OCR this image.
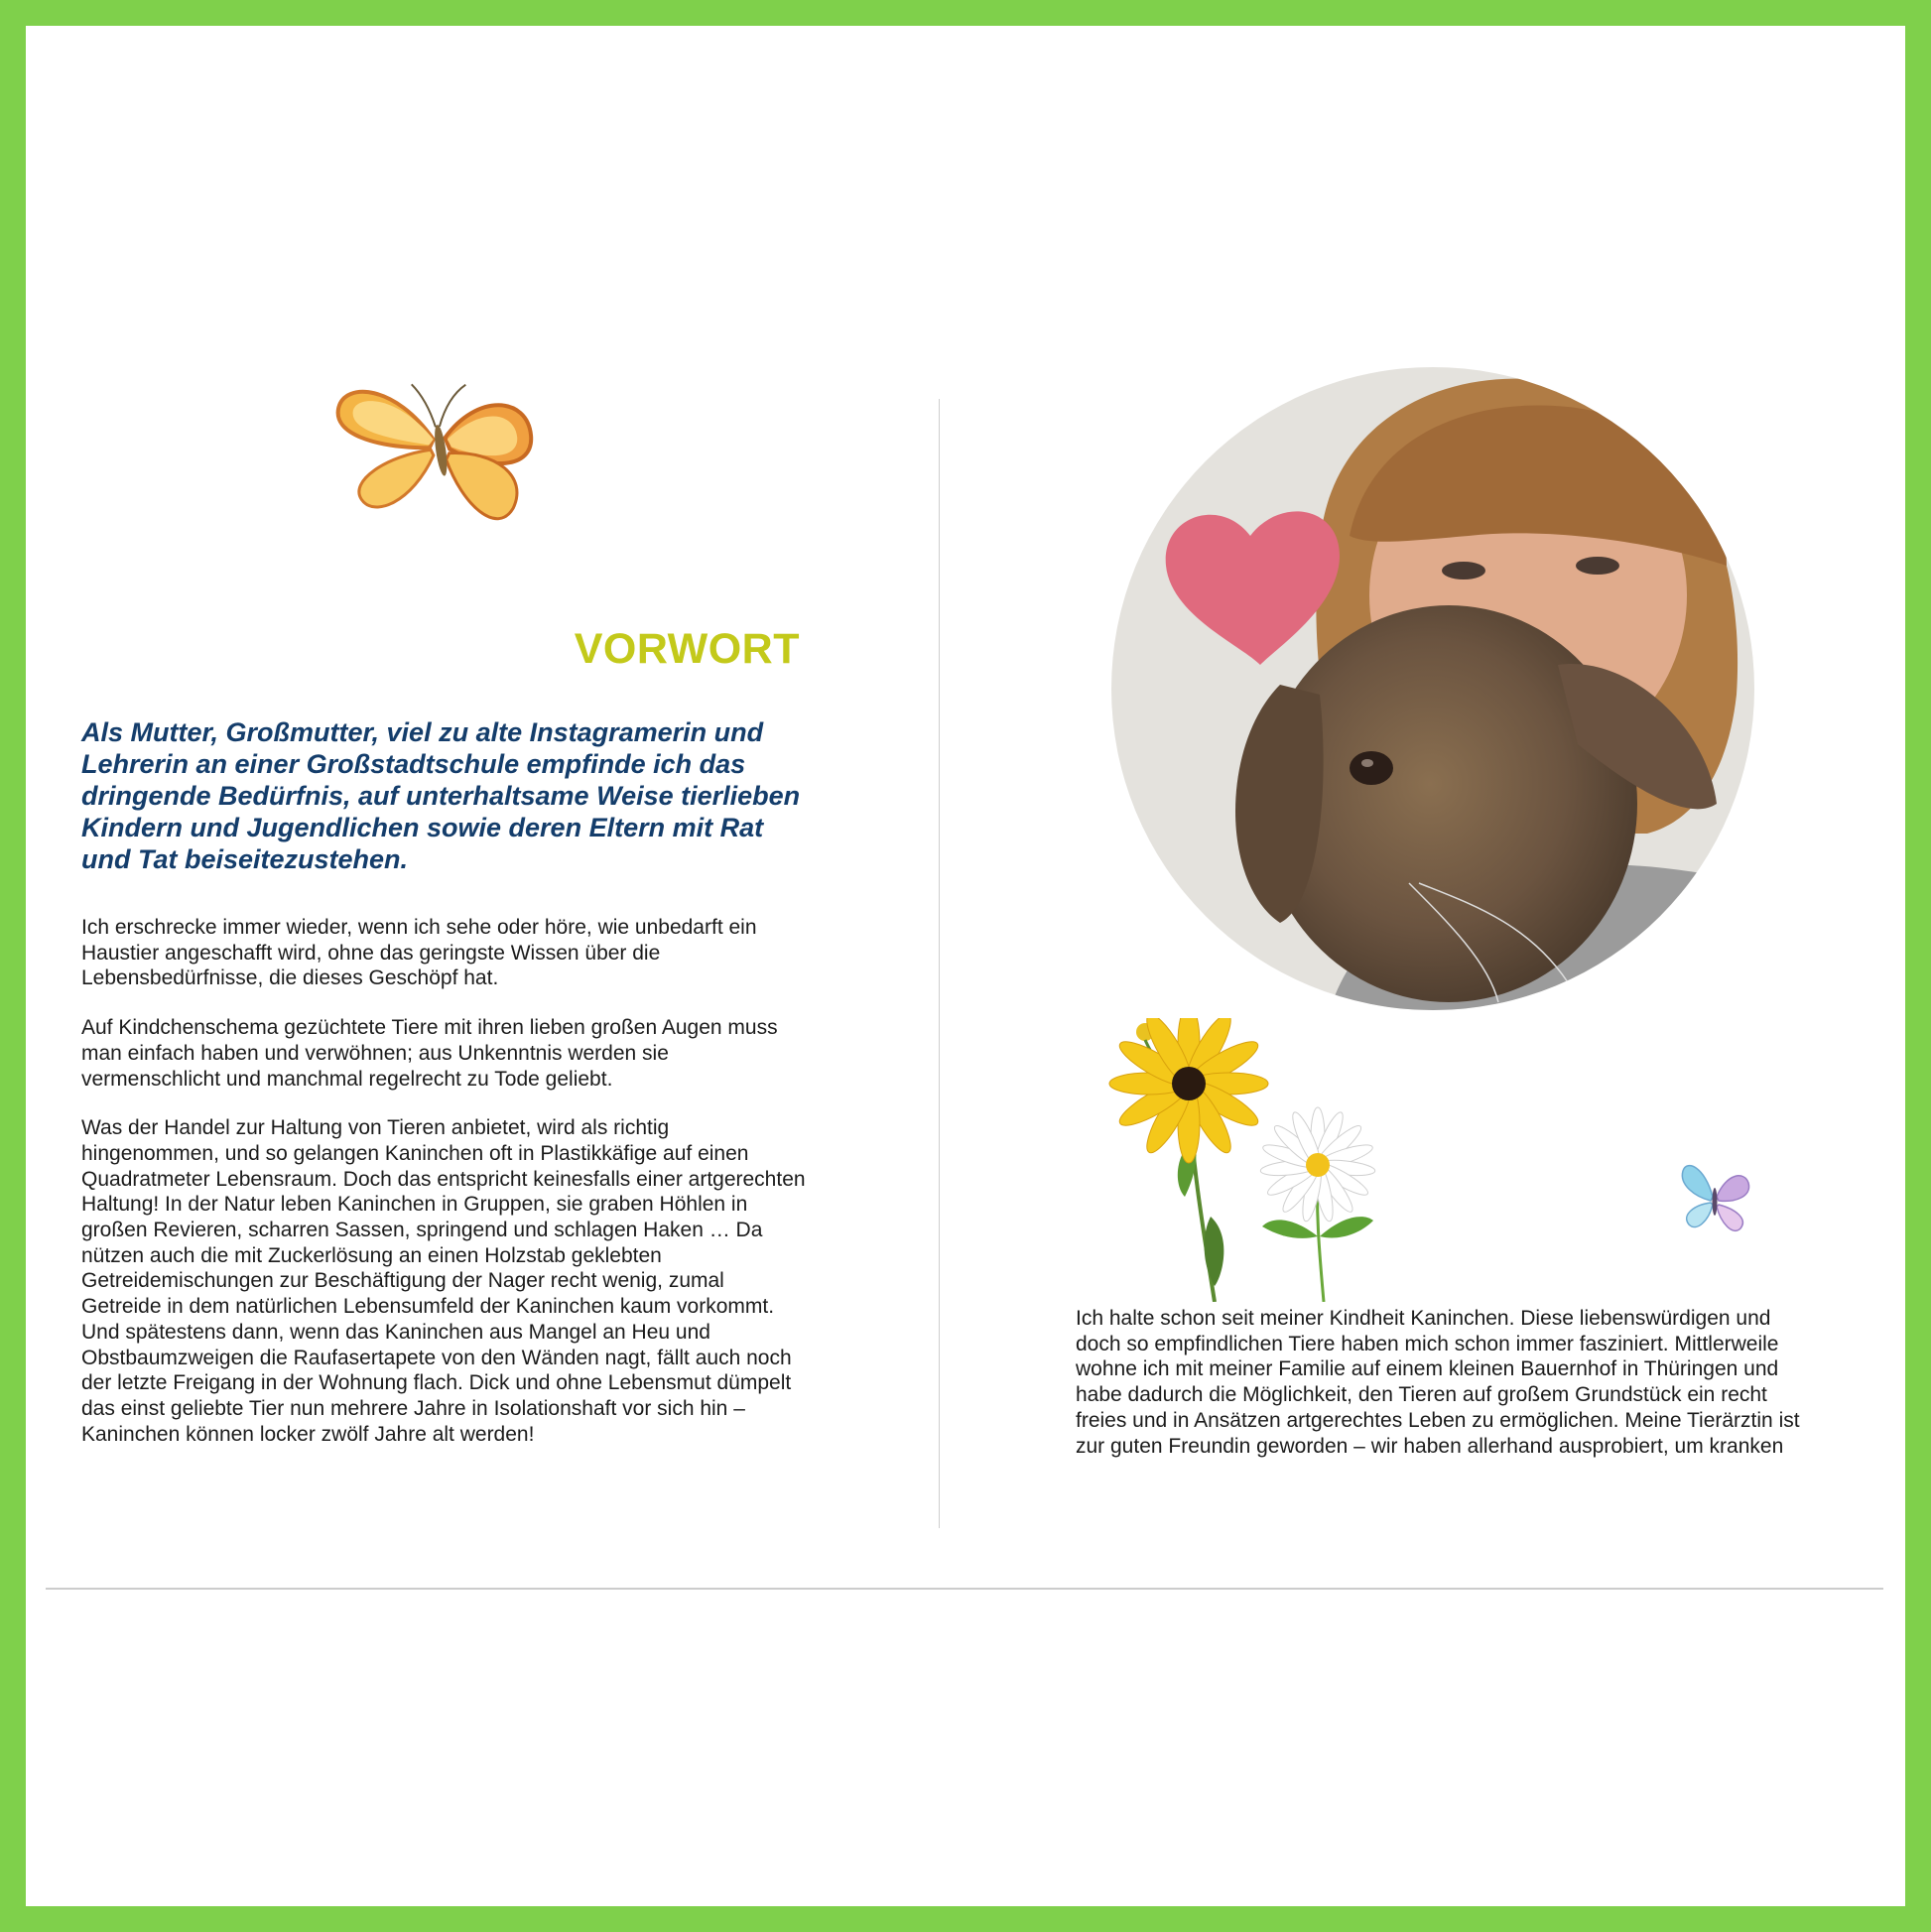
VORWORT

Als Mutter, Großmutter, viel zu alte Instagramerin und Lehrerin an einer Großstadtschule empfinde ich das dringende Bedürfnis, auf unterhaltsame Weise tierlieben Kindern und Jugendlichen sowie deren Eltern mit Rat und Tat beiseitezustehen.

Ich erschrecke immer wieder, wenn ich sehe oder höre, wie unbedarft ein Haustier angeschafft wird, ohne das geringste Wissen über die Lebensbedürfnisse, die dieses Geschöpf hat.

Auf Kindchenschema gezüchtete Tiere mit ihren lieben großen Augen muss man einfach haben und verwöhnen; aus Unkenntnis werden sie vermenschlicht und manchmal regelrecht zu Tode geliebt.

Was der Handel zur Haltung von Tieren anbietet, wird als richtig hingenommen, und so gelangen Kaninchen oft in Plastikkäfige auf einen Quadratmeter Lebensraum. Doch das entspricht keinesfalls einer artgerechten Haltung! In der Natur leben Kaninchen in Gruppen, sie graben Höhlen in großen Revieren, scharren Sassen, springend und schlagen Haken … Da nützen auch die mit Zuckerlösung an einen Holzstab geklebten Getreidemischungen zur Beschäftigung der Nager recht wenig, zumal Getreide in dem natürlichen Lebensumfeld der Kaninchen kaum vorkommt. Und spätestens dann, wenn das Kaninchen aus Mangel an Heu und Obstbaumzweigen die Raufasertapete von den Wänden nagt, fällt auch noch der letzte Freigang in der Wohnung flach. Dick und ohne Lebensmut dümpelt das einst geliebte Tier nun mehrere Jahre in Isolationshaft vor sich hin – Kaninchen können locker zwölf Jahre alt werden!

Ich halte schon seit meiner Kindheit Kaninchen. Diese liebenswürdigen und doch so empfindlichen Tiere haben mich schon immer fasziniert. Mittlerweile wohne ich mit meiner Familie auf einem kleinen Bauernhof in Thüringen und habe dadurch die Möglichkeit, den Tieren auf großem Grundstück ein recht freies und in Ansätzen artgerechtes Leben zu ermöglichen. Meine Tierärztin ist zur guten Freundin geworden – wir haben allerhand ausprobiert, um kranken
